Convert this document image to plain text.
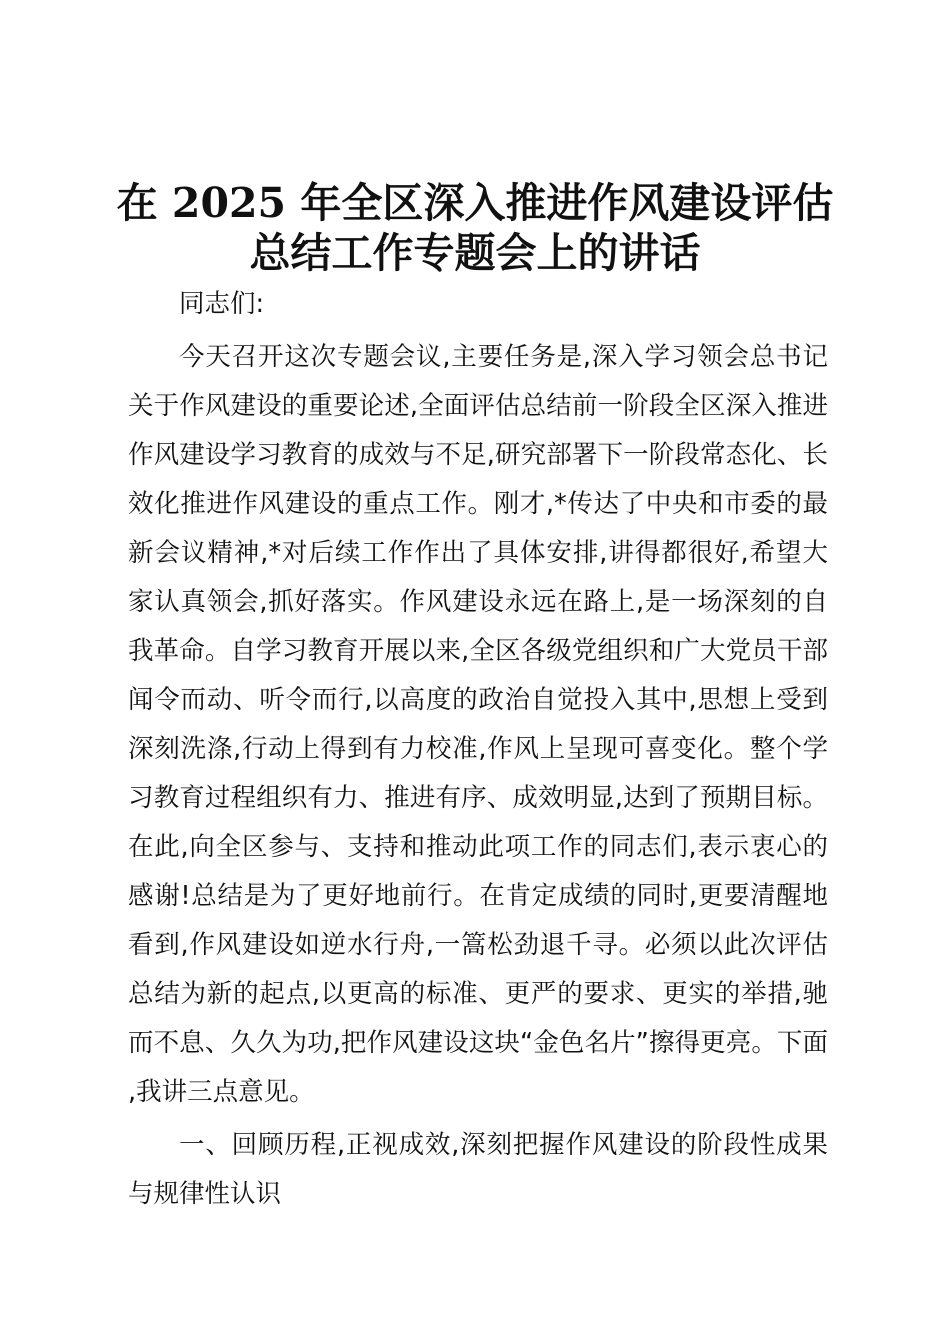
在 2025 年全区深入推进作风建设评估
总结工作专题会上的讲话

同志们:

今天召开这次专题会议,主要任务是,深入学习领会总书记关于作风建设的重要论述,全面评估总结前一阶段全区深入推进作风建设学习教育的成效与不足,研究部署下一阶段常态化、长效化推进作风建设的重点工作。刚才,*传达了中央和市委的最新会议精神,*对后续工作作出了具体安排,讲得都很好,希望大家认真领会,抓好落实。作风建设永远在路上,是一场深刻的自我革命。自学习教育开展以来,全区各级党组织和广大党员干部闻令而动、听令而行,以高度的政治自觉投入其中,思想上受到深刻洗涤,行动上得到有力校准,作风上呈现可喜变化。整个学习教育过程组织有力、推进有序、成效明显,达到了预期目标。在此,向全区参与、支持和推动此项工作的同志们,表示衷心的感谢!总结是为了更好地前行。在肯定成绩的同时,更要清醒地看到,作风建设如逆水行舟,一篙松劲退千寻。必须以此次评估总结为新的起点,以更高的标准、更严的要求、更实的举措,驰而不息、久久为功,把作风建设这块“金色名片”擦得更亮。下面,我讲三点意见。

一、回顾历程,正视成效,深刻把握作风建设的阶段性成果与规律性认识
